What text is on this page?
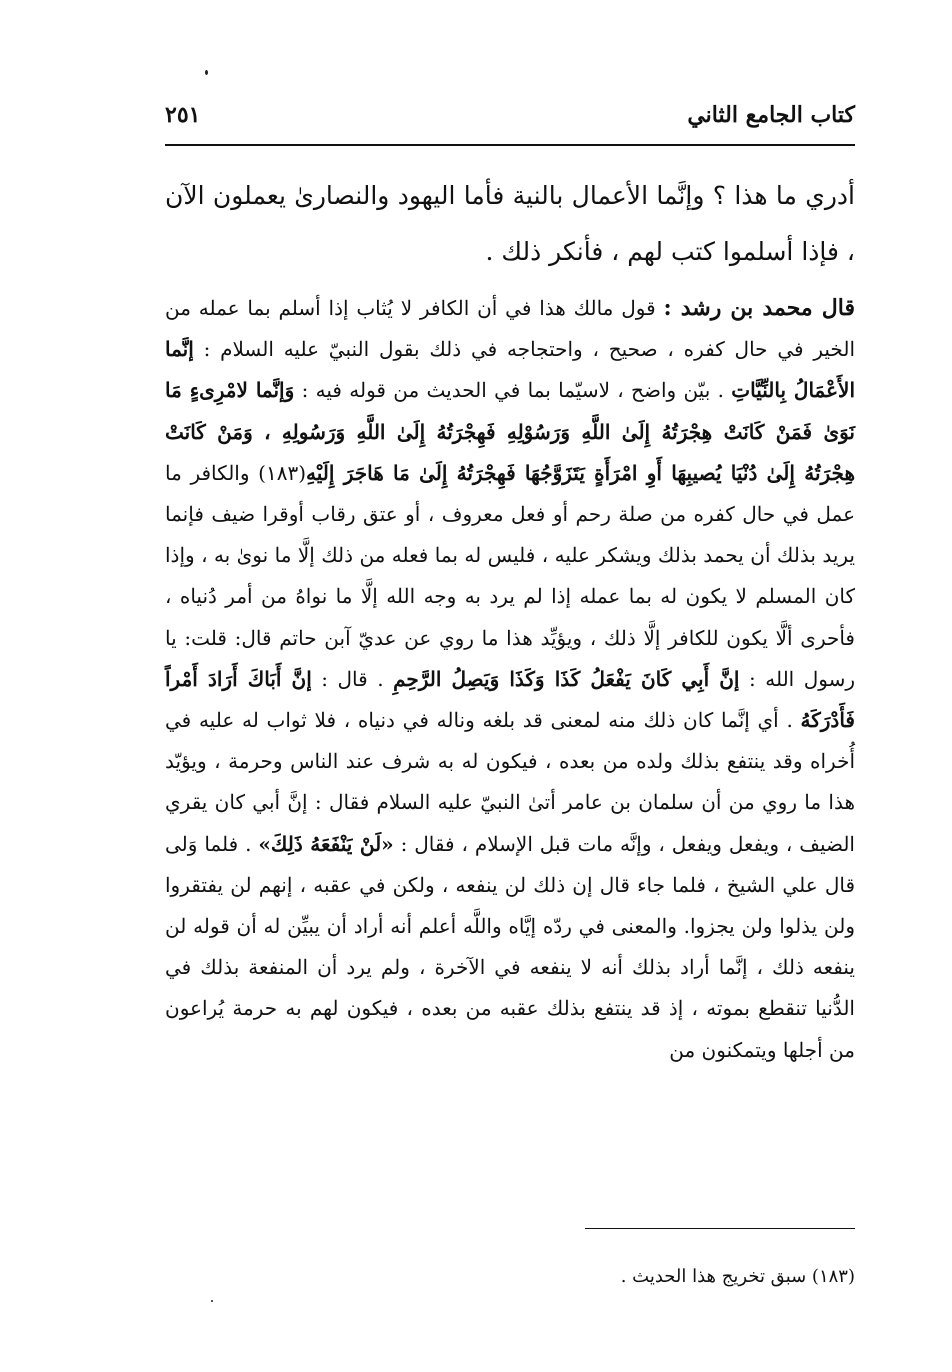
كتاب الجامع الثاني
٢٥١

أدري ما هذا ؟ وإنَّما الأعمال بالنية فأما اليهود والنصارىٰ يعملون الآن ، فإذا أسلموا كتب لهم ، فأنكر ذلك .

قال محمد بن رشد : قول مالك هذا في أن الكافر لا يُثاب إذا أسلم بما عمله من الخير في حال كفره ، صحيح ، واحتجاجه في ذلك بقول النبيّ عليه السلام : إنَّما الأَعْمَالُ بِالنِّيَّاتِ . بيّن واضح ، لاسيّما بما في الحديث من قوله فيه : وَإنَّما لامْرِىءٍ مَا نَوَىٰ فَمَنْ كَانَتْ هِجْرَتُهُ إِلَىٰ اللَّهِ وَرَسُوْلِهِ فَهِجْرَتُهُ إِلَىٰ اللَّهِ وَرَسُولِهِ ، وَمَنْ كَانَتْ هِجْرَتُهُ إِلَىٰ دُنْيَا يُصيبِهَا أَوِ امْرَأَةٍ يَتَزَوَّجُهَا فَهِجْرَتُهُ إِلَىٰ مَا هَاجَرَ إِلَيْهِ(١٨٣) والكافر ما عمل في حال كفره من صلة رحم أو فعل معروف ، أو عتق رقاب أوقرا ضيف فإنما يريد بذلك أن يحمد بذلك ويشكر عليه ، فليس له بما فعله من ذلك إلَّا ما نوىٰ به ، وإذا كان المسلم لا يكون له بما عمله إذا لم يرد به وجه الله إلَّا ما نواهُ من أمر دُنياه ، فأحرى ألَّا يكون للكافر إلَّا ذلك ، ويؤيِّد هذا ما روي عن عديّ آبن حاتم قال: قلت: يا رسول الله : إنَّ أَبِي كَانَ يَفْعَلُ كَذَا وَكَذَا وَيَصِلُ الرَّحِمِ . قال : إنَّ أَبَاكَ أَرَادَ أَمْراً فَأَدْرَكَهُ . أي إنَّما كان ذلك منه لمعنى قد بلغه وناله في دنياه ، فلا ثواب له عليه في أُخراه وقد ينتفع بذلك ولده من بعده ، فيكون له به شرف عند الناس وحرمة ، ويؤيّد هذا ما روي من أن سلمان بن عامر أتىٰ النبيّ عليه السلام فقال : إنَّ أبي كان يقري الضيف ، ويفعل ويفعل ، وإنَّه مات قبل الإسلام ، فقال : «لَنْ يَنْفَعَهُ ذَلِكَ» . فلما وَلى قال علي الشيخ ، فلما جاء قال إن ذلك لن ينفعه ، ولكن في عقبه ، إنهم لن يفتقروا ولن يذلوا ولن يجزوا. والمعنى في ردّه إيَّاه واللَّه أعلم أنه أراد أن يبيِّن له أن قوله لن ينفعه ذلك ، إنَّما أراد بذلك أنه لا ينفعه في الآخرة ، ولم يرد أن المنفعة بذلك في الدُّنيا تنقطع بموته ، إذ قد ينتفع بذلك عقبه من بعده ، فيكون لهم به حرمة يُراعون من أجلها ويتمكنون من

(١٨٣) سبق تخريج هذا الحديث .
